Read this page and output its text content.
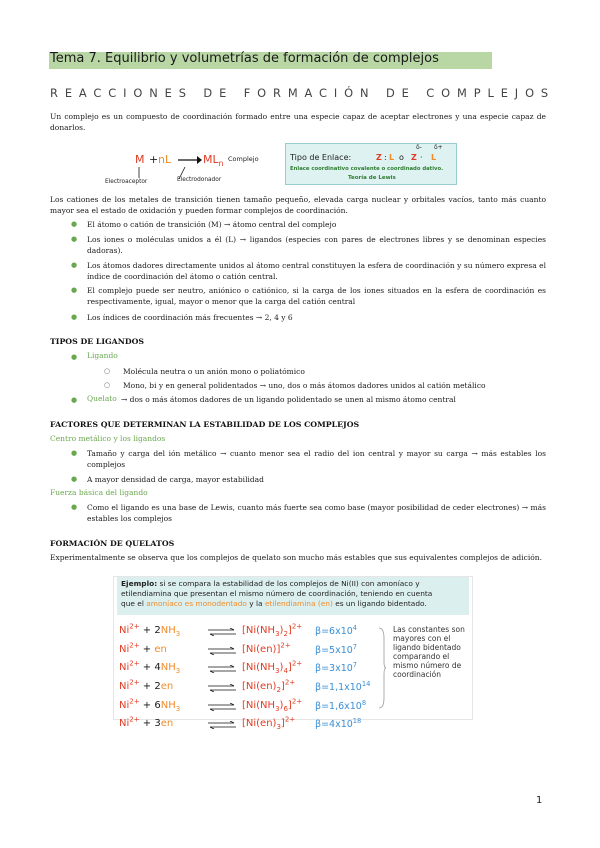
Tema 7. Equilibrio y volumetrías de formación de complejos
REACCIONES DE FORMACIÓN DE COMPLEJOS
Un complejo es un compuesto de coordinación formado entre una especie capaz de aceptar electrones y una especie capaz de donarlos.
M + nL → $ML_n$
Complejo
Electroaceptor	Electrodonador
Tipo de Enlace:	Z : L o Z
δ- δ+
· L
Enlace coordinativo covalente o coordinado dativo.
Teoría de Lewis
Los cationes de los metales de transición tienen tamaño pequeño, elevada carga nuclear y orbitales vacíos, tanto más cuanto mayor sea el estado de oxidación y pueden formar complejos de coordinación.
● El átomo o catión de transición (M) → átomo central del complejo
● Los iones o moléculas unidos a él (L) → ligandos (especies con pares de electrones libres y se denominan especies dadoras).
● Los átomos dadores directamente unidos al átomo central constituyen la esfera de coordinación y su número expresa el índice de coordinación del átomo o catión central.
● El complejo puede ser neutro, aniónico o catiónico, si la carga de los iones situados en la esfera de coordinación es respectivamente, igual, mayor o menor que la carga del catión central
● Los índices de coordinación más frecuentes → 2, 4 y 6
TIPOS DE LIGANDOS
● Ligando
○ Molécula neutra o un anión mono o poliatómico
○ Mono, bi y en general polidentados → uno, dos o más átomos dadores unidos al catión metálico
● Quelato → dos o más átomos dadores de un ligando polidentado se unen al mismo átomo central
FACTORES QUE DETERMINAN LA ESTABILIDAD DE LOS COMPLEJOS
Centro metálico y los ligandos
● Tamaño y carga del ión metálico → cuanto menor sea el radio del ion central y mayor su carga → más estables los complejos
● A mayor densidad de carga, mayor estabilidad
Fuerza básica del ligando
● Como el ligando es una base de Lewis, cuanto más fuerte sea como base (mayor posibilidad de ceder electrones) → más estables los complejos
FORMACIÓN DE QUELATOS
Experimentalmente se observa que los complejos de quelato son mucho más estables que sus equivalentes complejos de adición.
Ejemplo: si se compara la estabilidad de los complejos de Ni(II) con amoníaco y
etilendiamina que presentan el mismo número de coordinación, teniendo en cuenta
que el amoníaco es monodentado y la etilendiamina (en) es un ligando bidentado.
$Ni^{2+} + 2NH_3$ ⇌ $[Ni(NH_3)_2]^{2+}$ $\beta=6x10^4$
$Ni^{2+}$ + en	⇌ $[Ni(en)]^{2+}$	$\beta=5x10^7$
$Ni^{2+} + 4NH_3$ ⇌ $[Ni(NH_3)_4]^{2+}$ $\beta=3x10^7$
$Ni^{2+} + 2en$ ⇌ $[Ni(en)_2]^{2+}$ $\beta=1,1x10^{14}$
$Ni^{2+} + 6NH_3$ ⇌ $[Ni(NH_3)_6]^{2+}$ $\beta=1,6x10^8$
$Ni^{2+} + 3en$ ⇌ $[Ni(en)_3]^{2+}$ $\beta=4x10^{18}$
Las constantes son mayores con el ligando bidentado comparando el mismo número de coordinación
1
